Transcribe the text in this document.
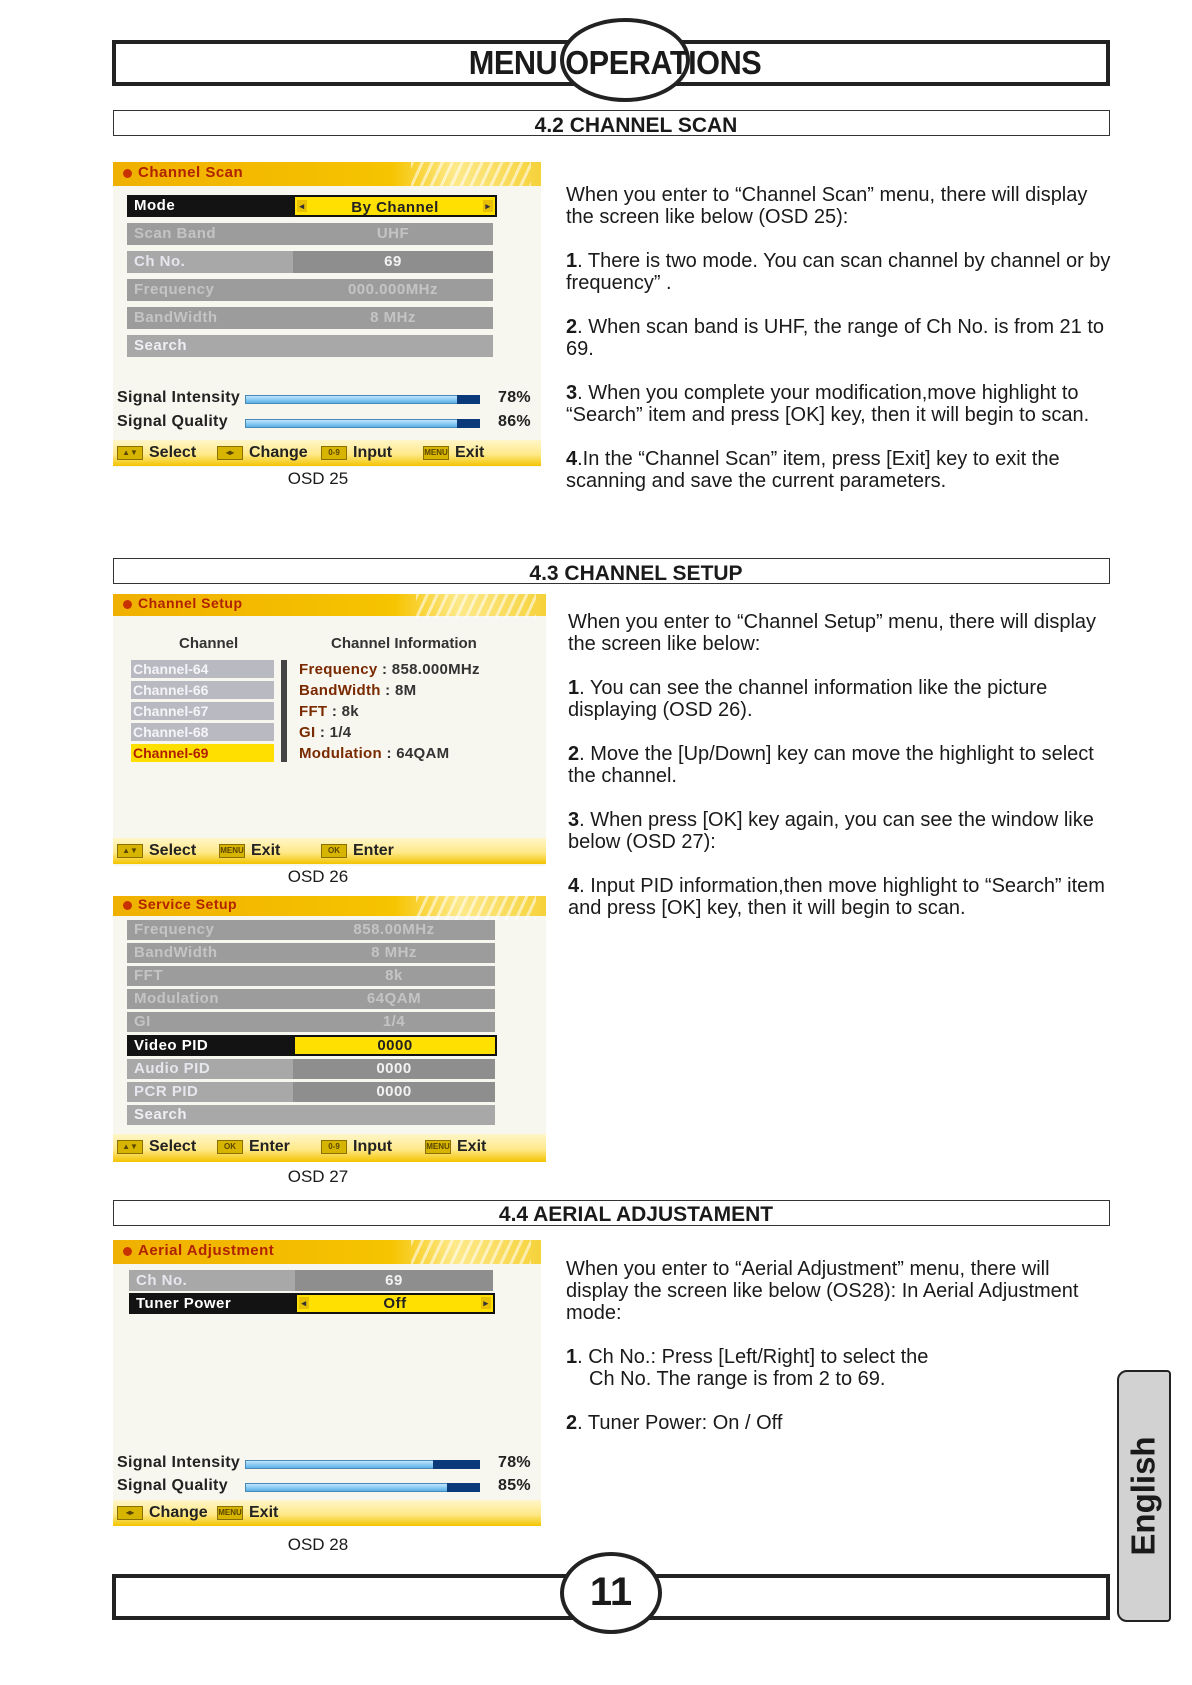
MENU OPERATIONS
4.2 CHANNEL SCAN
Channel Scan
Mode	◂	By Channel	▸
Scan Band	UHF
Ch No.	69
Frequency	000.000MHz
BandWidth	8 MHz
Search
Signal Intensity	78%
Signal Quality	86%
▲▼ Select	◂▸ Change	0-9 Input	MENU Exit
OSD 25

When you enter to “Channel Scan” menu, there will display the screen like below (OSD 25):

1. There is two mode. You can scan channel by channel or by frequency” .

2. When scan band is UHF, the range of Ch No. is from 21 to 69.

3. When you complete your modification,move highlight to “Search” item and press [OK] key, then it will begin to scan.

4.In the “Channel Scan” item, press [Exit] key to exit the scanning and save the current parameters.

4.3 CHANNEL SETUP
Channel Setup
Channel	Channel Information
Channel-64
Channel-66
Channel-67
Channel-68
Channel-69
Frequency : 858.000MHz
BandWidth : 8M
FFT : 8k
GI : 1/4
Modulation : 64QAM
▲▼ Select	MENU Exit	OK Enter
OSD 26
Service Setup
Frequency	858.00MHz
BandWidth	8 MHz
FFT	8k
Modulation	64QAM
GI	1/4
Video PID	0000
Audio PID	0000
PCR PID	0000
Search
▲▼ Select	OK Enter	0-9 Input	MENU Exit
OSD 27

When you enter to “Channel Setup” menu, there will display the screen like below:

1. You can see the channel information like the picture displaying (OSD 26).

2. Move the [Up/Down] key can move the highlight to select the channel.

3. When press [OK] key again, you can see the window like below (OSD 27):

4. Input PID information,then move highlight to “Search” item and press [OK] key, then it will begin to scan.

4.4 AERIAL ADJUSTAMENT
Aerial Adjustment
Ch No.	69
Tuner Power	◂	Off	▸
Signal Intensity	78%
Signal Quality	85%
◂▸ Change MENU Exit
OSD 28

When you enter to “Aerial Adjustment” menu, there will display the screen like below (OS28): In Aerial Adjustment mode:

1. Ch No.: Press [Left/Right] to select the
Ch No. The range is from 2 to 69.

2. Tuner Power: On / Off

English
11
